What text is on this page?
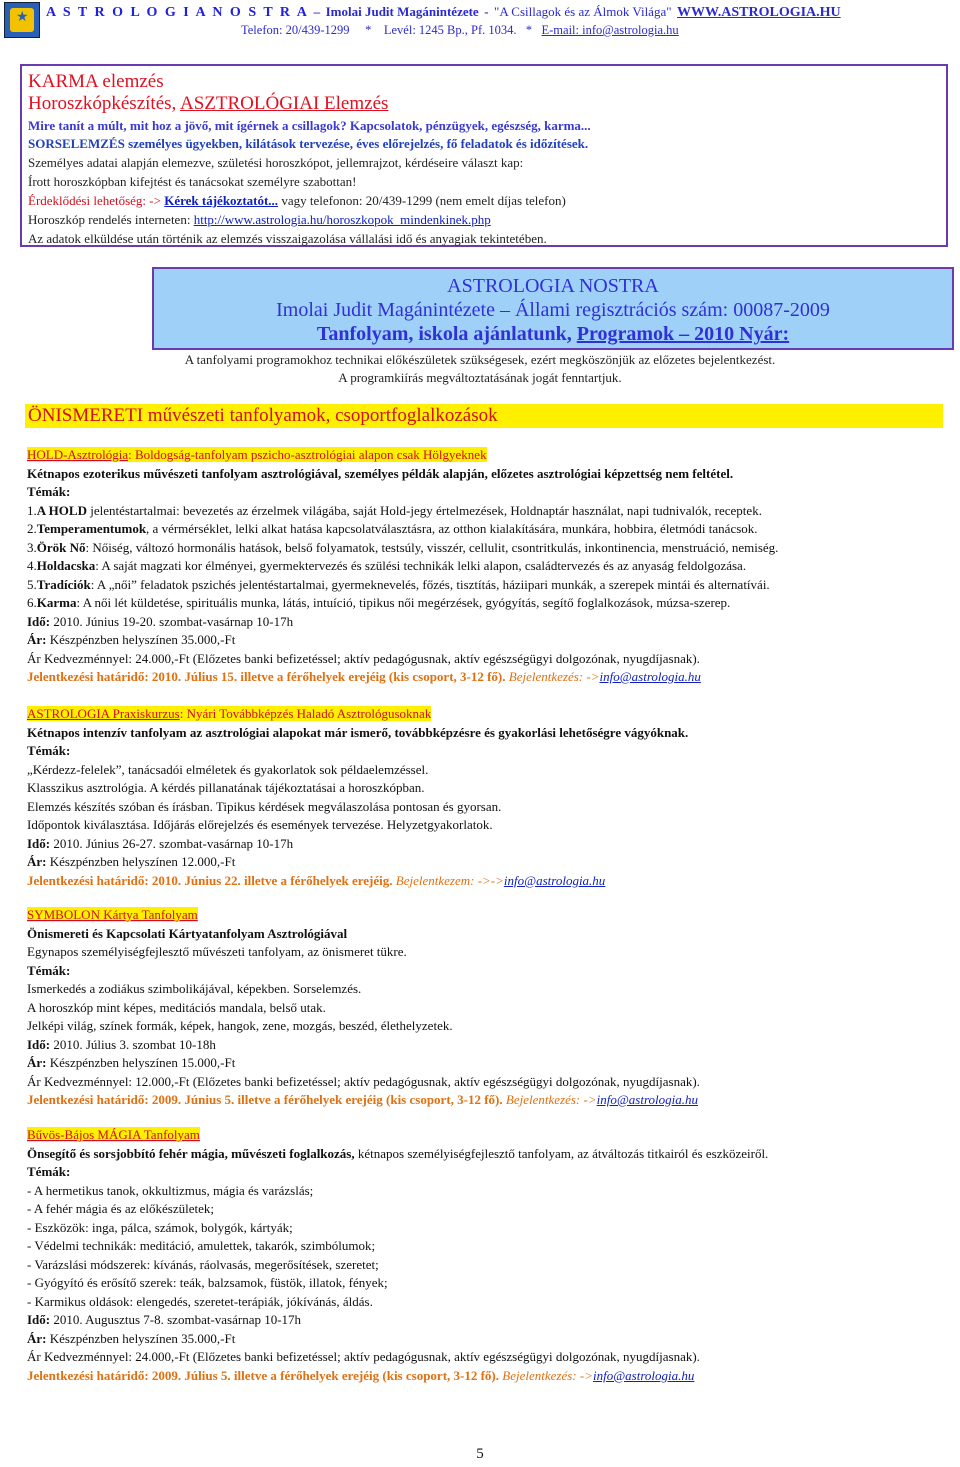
★ A S T R O L O G I A N O S T R A – Imolai Judit Magánintézete - "A Csillagok és az Álmok Világa" WWW.ASTROLOGIA.HU
Telefon: 20/439-1299 * Levél: 1245 Bp., Pf. 1034. * E-mail: info@astrologia.hu
KARMA elemzés
Horoszkópkészítés, ASZTROLÓGIAI Elemzés
Mire tanít a múlt, mit hoz a jövő, mit ígérnek a csillagok? Kapcsolatok, pénzügyek, egészség, karma...
SORSELEMZÉS személyes ügyekben, kilátások tervezése, éves előrejelzés, fő feladatok és időzítések.
Személyes adatai alapján elemezve, születési horoszkópot, jellemrajzot, kérdéseire választ kap:
Írott horoszkópban kifejtést és tanácsokat személyre szabottan!
Érdeklődési lehetőség: -> Kérek tájékoztatót... vagy telefonon: 20/439-1299 (nem emelt díjas telefon)
Horoszkóp rendelés interneten: http://www.astrologia.hu/horoszkopok_mindenkinek.php
Az adatok elküldése után történik az elemzés visszaigazolása vállalási idő és anyagiak tekintetében.
ASTROLOGIA NOSTRA
Imolai Judit Magánintézete – Állami regisztrációs szám: 00087-2009
Tanfolyam, iskola ajánlatunk, Programok – 2010 Nyár:
A tanfolyami programokhoz technikai előkészületek szükségesek, ezért megköszönjük az előzetes bejelentkezést.
A programkiírás megváltoztatásának jogát fenntartjuk.
ÖNISMERETI művészeti tanfolyamok, csoportfoglalkozások
HOLD-Asztrológia: Boldogság-tanfolyam pszicho-asztrológiai alapon csak Hölgyeknek
Kétnapos ezoterikus művészeti tanfolyam asztrológiával, személyes példák alapján, előzetes asztrológiai képzettség nem feltétel.
Témák:
1.A HOLD jelentéstartalmai: bevezetés az érzelmek világába, saját Hold-jegy értelmezések, Holdnaptár használat, napi tudnivalók, receptek.
2.Temperamentumok, a vérmérséklet, lelki alkat hatása kapcsolatválasztásra, az otthon kialakítására, munkára, hobbira, életmódi tanácsok.
3.Örök Nő: Nőiség, változó hormonális hatások, belső folyamatok, testsúly, visszér, cellulit, csontritkulás, inkontinencia, menstruáció, nemiség.
4.Holdacska: A saját magzati kor élményei, gyermektervezés és szülési technikák lelki alapon, családtervezés és az anyaság feldolgozása.
5.Tradíciók: A „női” feladatok pszichés jelentéstartalmai, gyermeknevelés, főzés, tisztítás, háziipari munkák, a szerepek mintái és alternatívái.
6.Karma: A női lét küldetése, spirituális munka, látás, intuíció, tipikus női megérzések, gyógyítás, segítő foglalkozások, múzsa-szerep.
Idő: 2010. Június 19-20. szombat-vasárnap 10-17h
Ár: Készpénzben helyszínen 35.000,-Ft
Ár Kedvezménnyel: 24.000,-Ft (Előzetes banki befizetéssel; aktív pedagógusnak, aktív egészségügyi dolgozónak, nyugdíjasnak).
Jelentkezési határidő: 2010. Július 15. illetve a férőhelyek erejéig (kis csoport, 3-12 fő). Bejelentkezés: ->info@astrologia.hu
ASTROLOGIA Praxiskurzus: Nyári Továbbképzés Haladó Asztrológusoknak
Kétnapos intenzív tanfolyam az asztrológiai alapokat már ismerő, továbbképzésre és gyakorlási lehetőségre vágyóknak.
Témák:
„Kérdezz-felelek”, tanácsadói elméletek és gyakorlatok sok példaelemzéssel.
Klasszikus asztrológia. A kérdés pillanatának tájékoztatásai a horoszkópban.
Elemzés készítés szóban és írásban. Tipikus kérdések megválaszolása pontosan és gyorsan.
Időpontok kiválasztása. Időjárás előrejelzés és események tervezése. Helyzetgyakorlatok.
Idő: 2010. Június 26-27. szombat-vasárnap 10-17h
Ár: Készpénzben helyszínen 12.000,-Ft
Jelentkezési határidő: 2010. Június 22. illetve a férőhelyek erejéig. Bejelentkezem: ->->info@astrologia.hu
SYMBOLON Kártya Tanfolyam
Önismereti és Kapcsolati Kártyatanfolyam Asztrológiával
Egynapos személyiségfejlesztő művészeti tanfolyam, az önismeret tükre.
Témák:
Ismerkedés a zodiákus szimbolikájával, képekben. Sorselemzés.
A horoszkóp mint képes, meditációs mandala, belső utak.
Jelképi világ, színek formák, képek, hangok, zene, mozgás, beszéd, élethelyzetek.
Idő: 2010. Július 3. szombat 10-18h
Ár: Készpénzben helyszínen 15.000,-Ft
Ár Kedvezménnyel: 12.000,-Ft (Előzetes banki befizetéssel; aktív pedagógusnak, aktív egészségügyi dolgozónak, nyugdíjasnak).
Jelentkezési határidő: 2009. Június 5. illetve a férőhelyek erejéig (kis csoport, 3-12 fő). Bejelentkezés: ->info@astrologia.hu
Bűvös-Bájos MÁGIA Tanfolyam
Önsegítő és sorsjobbító fehér mágia, művészeti foglalkozás, kétnapos személyiségfejlesztő tanfolyam, az átváltozás titkairól és eszközeiről.
Témák:
- A hermetikus tanok, okkultizmus, mágia és varázslás;
- A fehér mágia és az előkészületek;
- Eszközök: inga, pálca, számok, bolygók, kártyák;
- Védelmi technikák: meditáció, amulettek, takarók, szimbólumok;
- Varázslási módszerek: kívánás, ráolvasás, megerősítések, szeretet;
- Gyógyító és erősítő szerek: teák, balzsamok, füstök, illatok, fények;
- Karmikus oldások: elengedés, szeretet-terápiák, jókívánás, áldás.
Idő: 2010. Augusztus 7-8. szombat-vasárnap 10-17h
Ár: Készpénzben helyszínen 35.000,-Ft
Ár Kedvezménnyel: 24.000,-Ft (Előzetes banki befizetéssel; aktív pedagógusnak, aktív egészségügyi dolgozónak, nyugdíjasnak).
Jelentkezési határidő: 2009. Július 5. illetve a férőhelyek erejéig (kis csoport, 3-12 fő). Bejelentkezés: ->info@astrologia.hu
5
